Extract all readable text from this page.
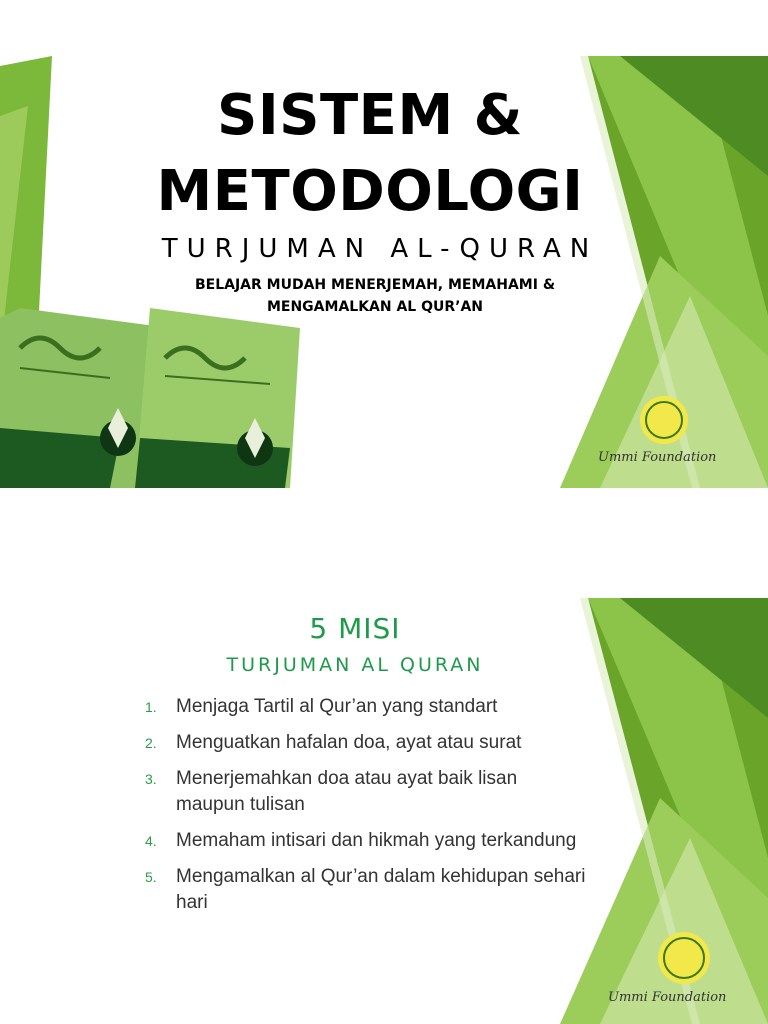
SISTEM &
METODOLOGI
TURJUMAN AL-QURAN
BELAJAR MUDAH MENERJEMAH, MEMAHAMI &
MENGAMALKAN AL QUR’AN
Ummi Foundation
5 MISI
TURJUMAN AL QURAN
1. Menjaga Tartil al Qur’an yang standart
2. Menguatkan hafalan doa, ayat atau surat
3. Menerjemahkan doa atau ayat baik lisan maupun tulisan
4. Memaham intisari dan hikmah yang terkandung
5. Mengamalkan al Qur’an dalam kehidupan sehari hari
Ummi Foundation
